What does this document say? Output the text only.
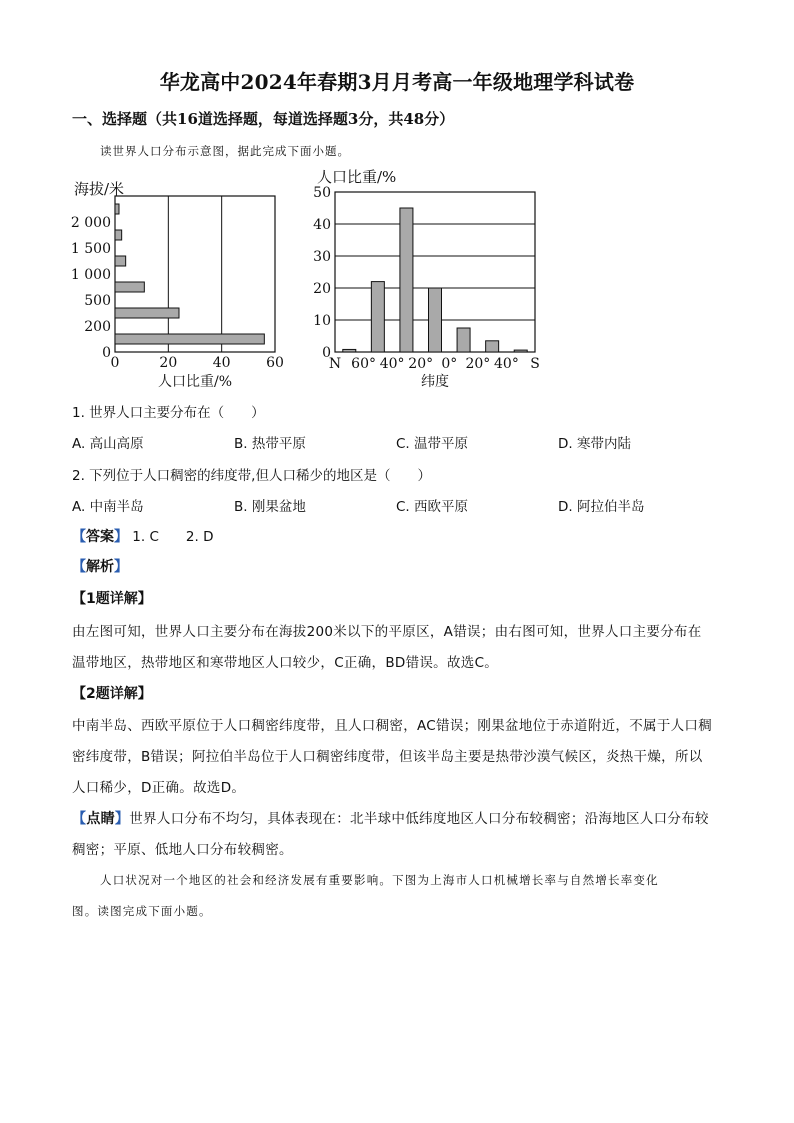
华龙高中2024年春期3月月考高一年级地理学科试卷
一、选择题（共16道选择题，每道选择题3分，共48分）
读世界人口分布示意图，据此完成下面小题。
海拔/米
0
200
500
1 000
1 500
2 000
0	20	40	60
人口比重/%
人口比重/%
0
10
20
30
40
50
N 60° 40° 20° 0° 20° 40° S
纬度
1. 世界人口主要分布在（　　）
A. 高山高原	B. 热带平原	C. 温带平原	D. 寒带内陆
2. 下列位于人口稠密的纬度带,但人口稀少的地区是（　　）
A. 中南半岛	B. 刚果盆地	C. 西欧平原	D. 阿拉伯半岛
【答案】 1. C　　2. D
【解析】
【1题详解】
由左图可知，世界人口主要分布在海拔200米以下的平原区，A错误；由右图可知，世界人口主要分布在
温带地区，热带地区和寒带地区人口较少，C正确，BD错误。故选C。
【2题详解】
中南半岛、西欧平原位于人口稠密纬度带，且人口稠密，AC错误；刚果盆地位于赤道附近，不属于人口稠
密纬度带，B错误；阿拉伯半岛位于人口稠密纬度带，但该半岛主要是热带沙漠气候区，炎热干燥，所以
人口稀少，D正确。故选D。
【点睛】世界人口分布不均匀，具体表现在：北半球中低纬度地区人口分布较稠密；沿海地区人口分布较
稠密；平原、低地人口分布较稠密。
人口状况对一个地区的社会和经济发展有重要影响。下图为上海市人口机械增长率与自然增长率变化
图。读图完成下面小题。
